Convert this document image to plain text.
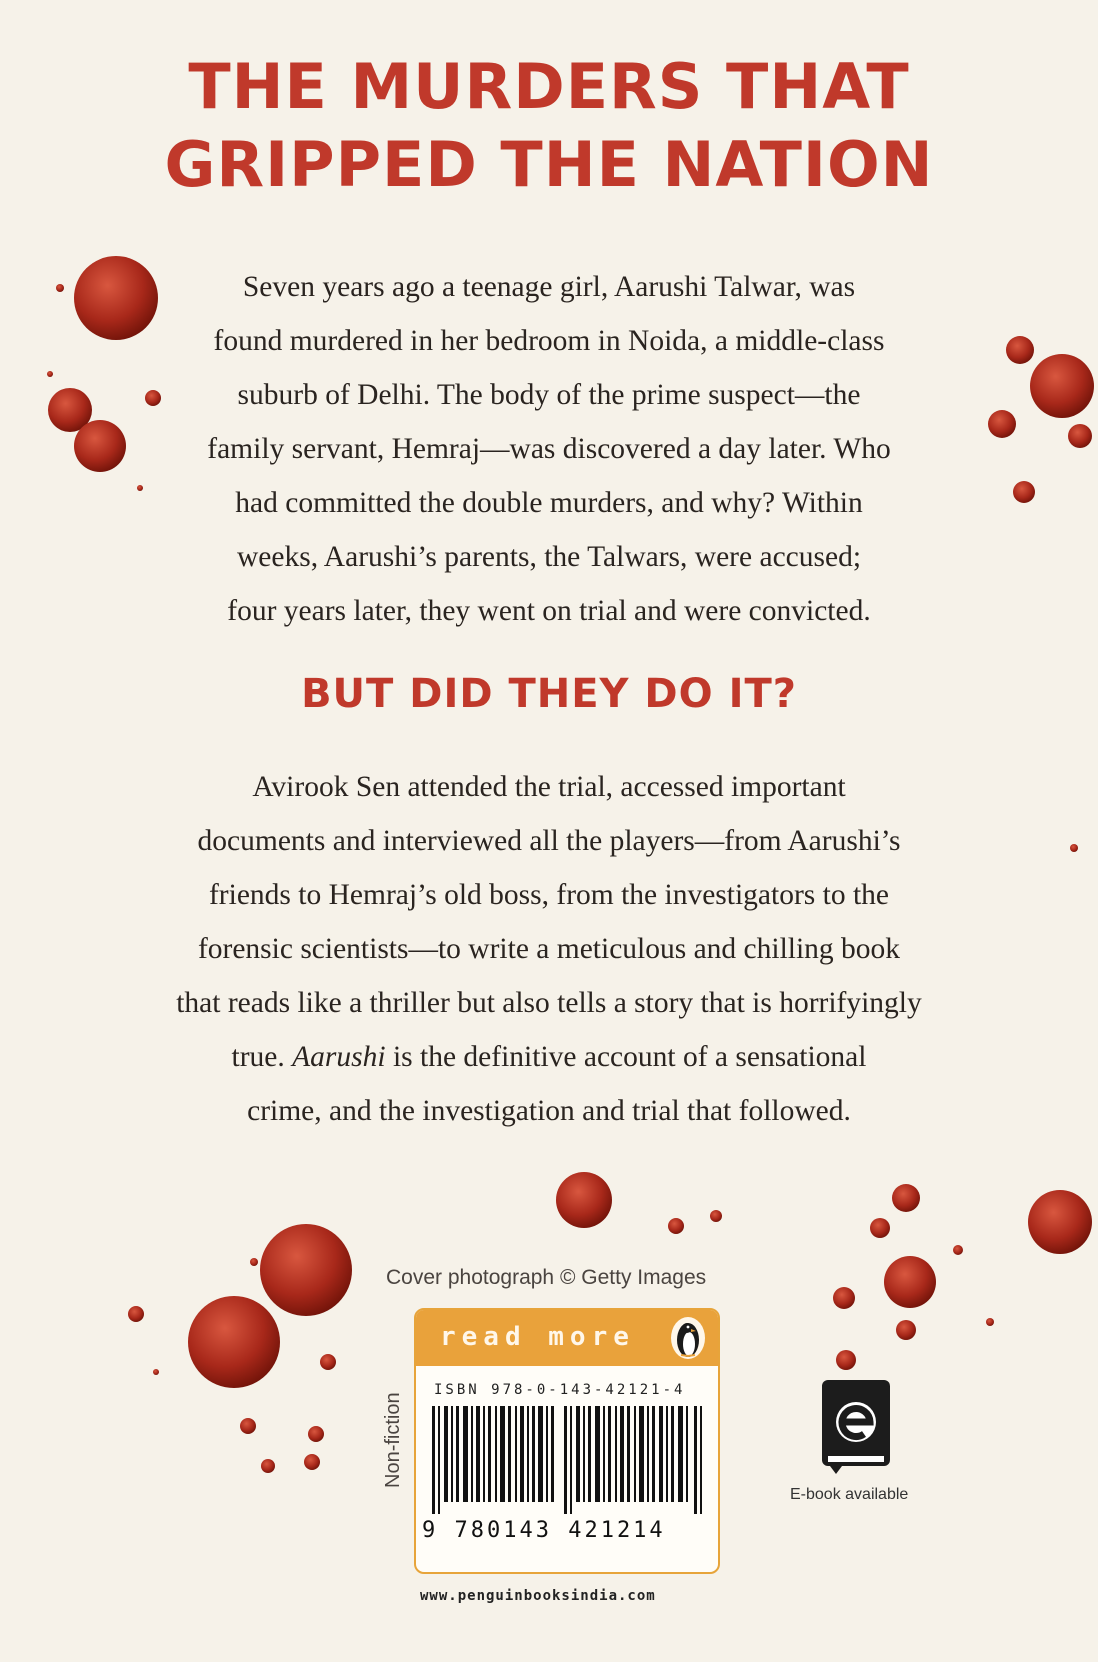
THE MURDERS THAT
GRIPPED THE NATION
Seven years ago a teenage girl, Aarushi Talwar, was
found murdered in her bedroom in Noida, a middle-class
suburb of Delhi. The body of the prime suspect—the
family servant, Hemraj—was discovered a day later. Who
had committed the double murders, and why? Within
weeks, Aarushi’s parents, the Talwars, were accused;
four years later, they went on trial and were convicted.
BUT DID THEY DO IT?
Avirook Sen attended the trial, accessed important
documents and interviewed all the players—from Aarushi’s
friends to Hemraj’s old boss, from the investigators to the
forensic scientists—to write a meticulous and chilling book
that reads like a thriller but also tells a story that is horrifyingly
true. Aarushi is the definitive account of a sensational
crime, and the investigation and trial that followed.
Cover photograph © Getty Images
Non-fiction
read more
ISBN 978-0-143-42121-4
9 780143 421214
www.penguinbooksindia.com
E-book available
